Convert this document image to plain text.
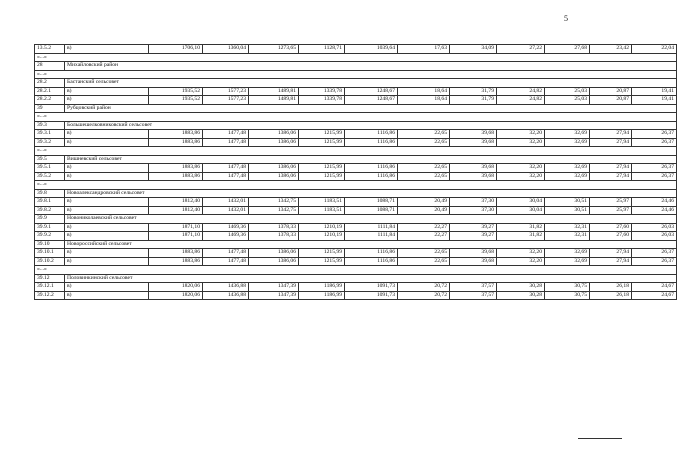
5
13.5.2	в)	1706,10	1360,04	1273,65	1128,71	1039,64	17,63	34,09	27,22	27,68	23,42	22,04
«...»												
28	Михайловский район											
«...»												
28.2	Бастанский сельсовет											
28.2.1	в)	1935,52	1577,23	1489,81	1339,78	1248,67	18,64	31,79	24,82	25,03	20,87	19,41
28.2.2	в)	1935,52	1577,23	1489,81	1339,78	1248,67	18,64	31,79	24,82	25,03	20,87	19,41
39	Рубцовский район											
«...»												
39.3	Большешелковниковский сельсовет											
39.3.1	в)	1883,86	1477,48	1386,06	1215,99	1116,86	22,65	39,68	32,20	32,69	27,94	26,37
39.3.2	в)	1883,86	1477,48	1386,06	1215,99	1116,86	22,65	39,68	32,20	32,69	27,94	26,37
«...»												
39.5	Вишневский сельсовет											
39.5.1	в)	1883,86	1477,48	1386,06	1215,99	1116,86	22,65	39,68	32,20	32,69	27,94	26,37
39.5.2	в)	1883,86	1477,48	1386,06	1215,99	1116,86	22,65	39,68	32,20	32,69	27,94	26,37
«...»												
39.8	Новоалександровский сельсовет											
39.8.1	в)	1812,40	1432,01	1342,75	1183,51	1088,71	20,49	37,30	30,04	30,51	25,97	24,46
39.8.2	в)	1812,40	1432,01	1342,75	1183,51	1088,71	20,49	37,30	30,04	30,51	25,97	24,46
39.9	Новониколаевский сельсовет											
39.9.1	в)	1871,10	1469,36	1378,33	1210,19	1111,84	22,27	39,27	31,82	32,31	27,60	26,03
39.9.2	в)	1871,10	1469,36	1378,33	1210,19	1111,84	22,27	39,27	31,82	32,31	27,60	26,03
39.10	Новороссийский сельсовет											
39.10.1	в)	1883,86	1477,48	1386,06	1215,99	1116,86	22,65	39,68	32,20	32,69	27,94	26,37
39.10.2	в)	1883,86	1477,48	1386,06	1215,99	1116,86	22,65	39,68	32,20	32,69	27,94	26,37
«...»												
39.12	Половинкинский сельсовет											
39.12.1	в)	1820,06	1436,88	1347,39	1186,99	1091,73	20,72	37,57	30,28	30,75	26,18	24,67
39.12.2	в)	1820,06	1436,88	1347,39	1186,99	1091,73	20,72	37,57	30,28	30,75	26,18	24,67
